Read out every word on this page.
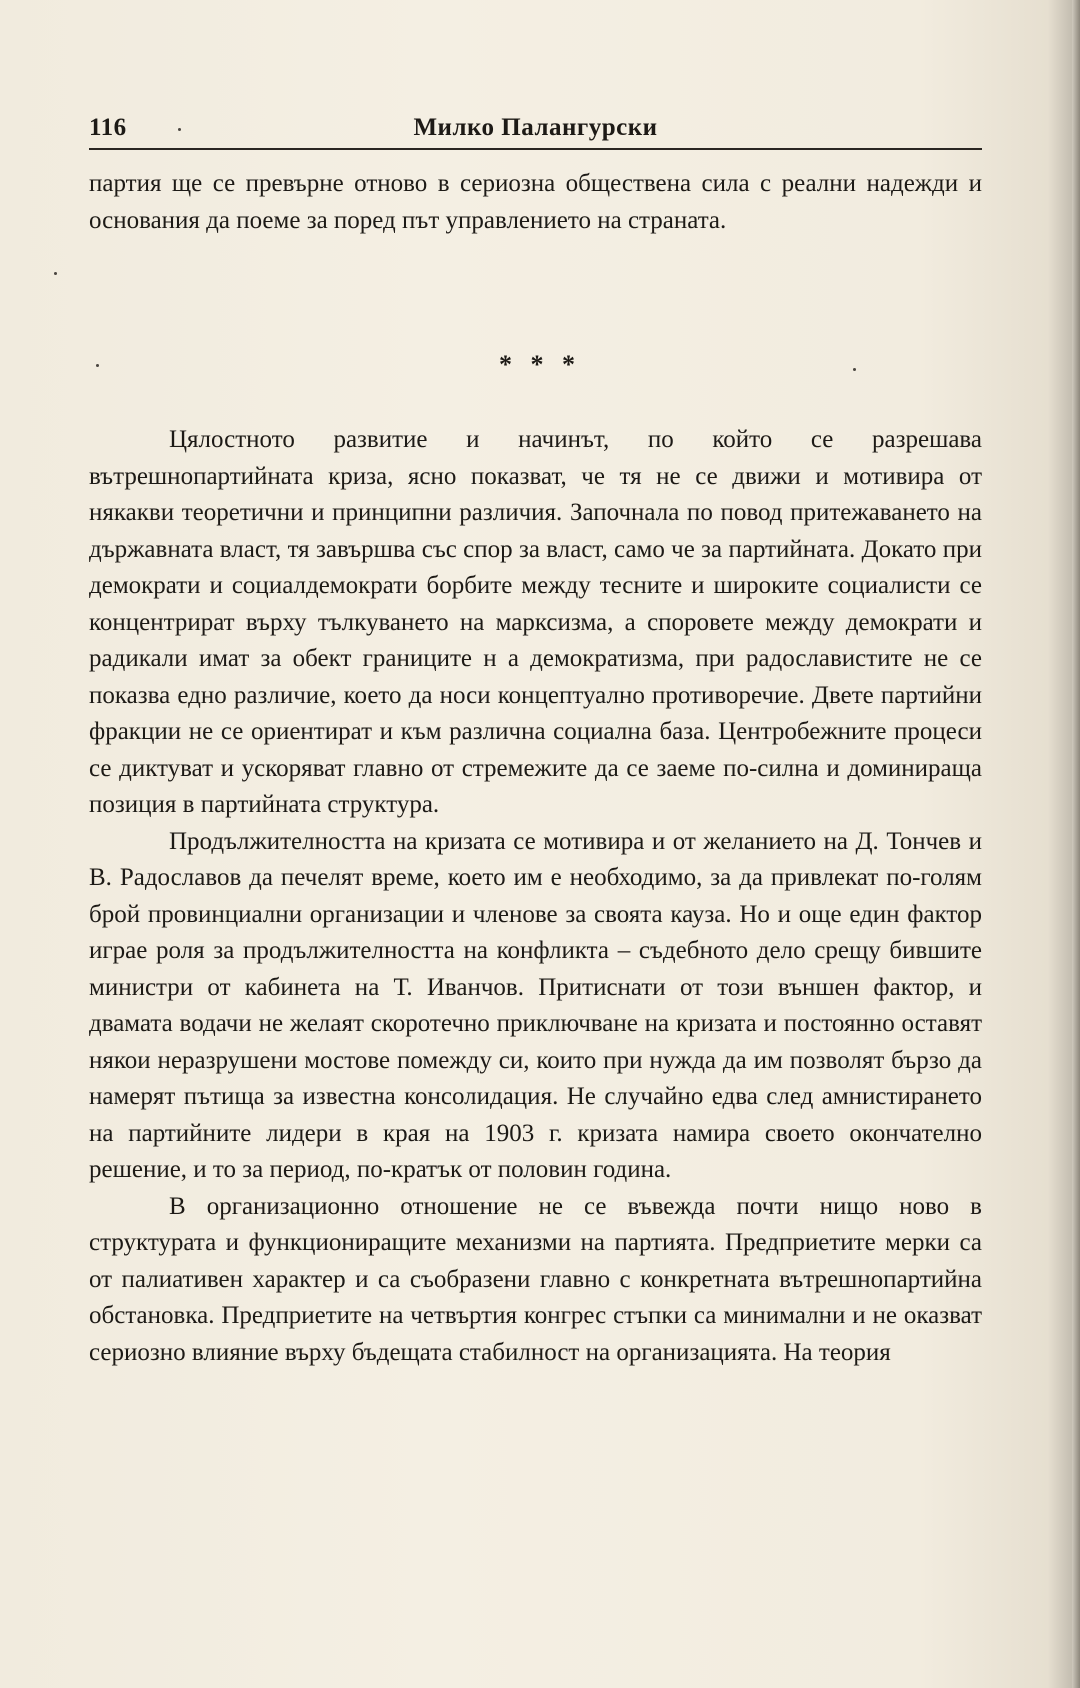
116	Милко Палангурски

партия ще се превърне отново в сериозна обществена сила с реални надежди и основания да поеме за поред път управлението на страната.

* * *

Цялостното развитие и начинът, по който се разрешава вътрешнопартийната криза, ясно показват, че тя не се движи и мотивира от някакви теоретични и принципни различия. Започнала по повод притежаването на държавната власт, тя завършва със спор за власт, само че за партийната. Докато при демократи и социалдемократи борбите между тесните и широките социалисти се концентрират върху тълкуването на марксизма, а споровете между демократи и радикали имат за обект границите н а демократизма, при радославистите не се показва едно различие, което да носи концептуално противоречие. Двете партийни фракции не се ориентират и към различна социална база. Центробежните процеси се диктуват и ускоряват главно от стремежите да се заеме по-силна и доминираща позиция в партийната структура.

Продължителността на кризата се мотивира и от желанието на Д. Тончев и В. Радославов да печелят време, което им е необходимо, за да привлекат по-голям брой провинциални организации и членове за своята кауза. Но и още един фактор играе роля за продължителността на конфликта – съдебното дело срещу бившите министри от кабинета на Т. Иванчов. Притиснати от този външен фактор, и двамата водачи не желаят скоротечно приключване на кризата и постоянно оставят някои неразрушени мостове помежду си, които при нужда да им позволят бързо да намерят пътища за известна консолидация. Не случайно едва след амнистирането на партийните лидери в края на 1903 г. кризата намира своето окончателно решение, и то за период, по-кратък от половин година.

В организационно отношение не се въвежда почти нищо ново в структурата и функциониращите механизми на партията. Предприетите мерки са от палиативен характер и са съобразени главно с конкретната вътрешнопартийна обстановка. Предприетите на четвъртия конгрес стъпки са минимални и не оказват сериозно влияние върху бъдещата стабилност на организацията. На теория
